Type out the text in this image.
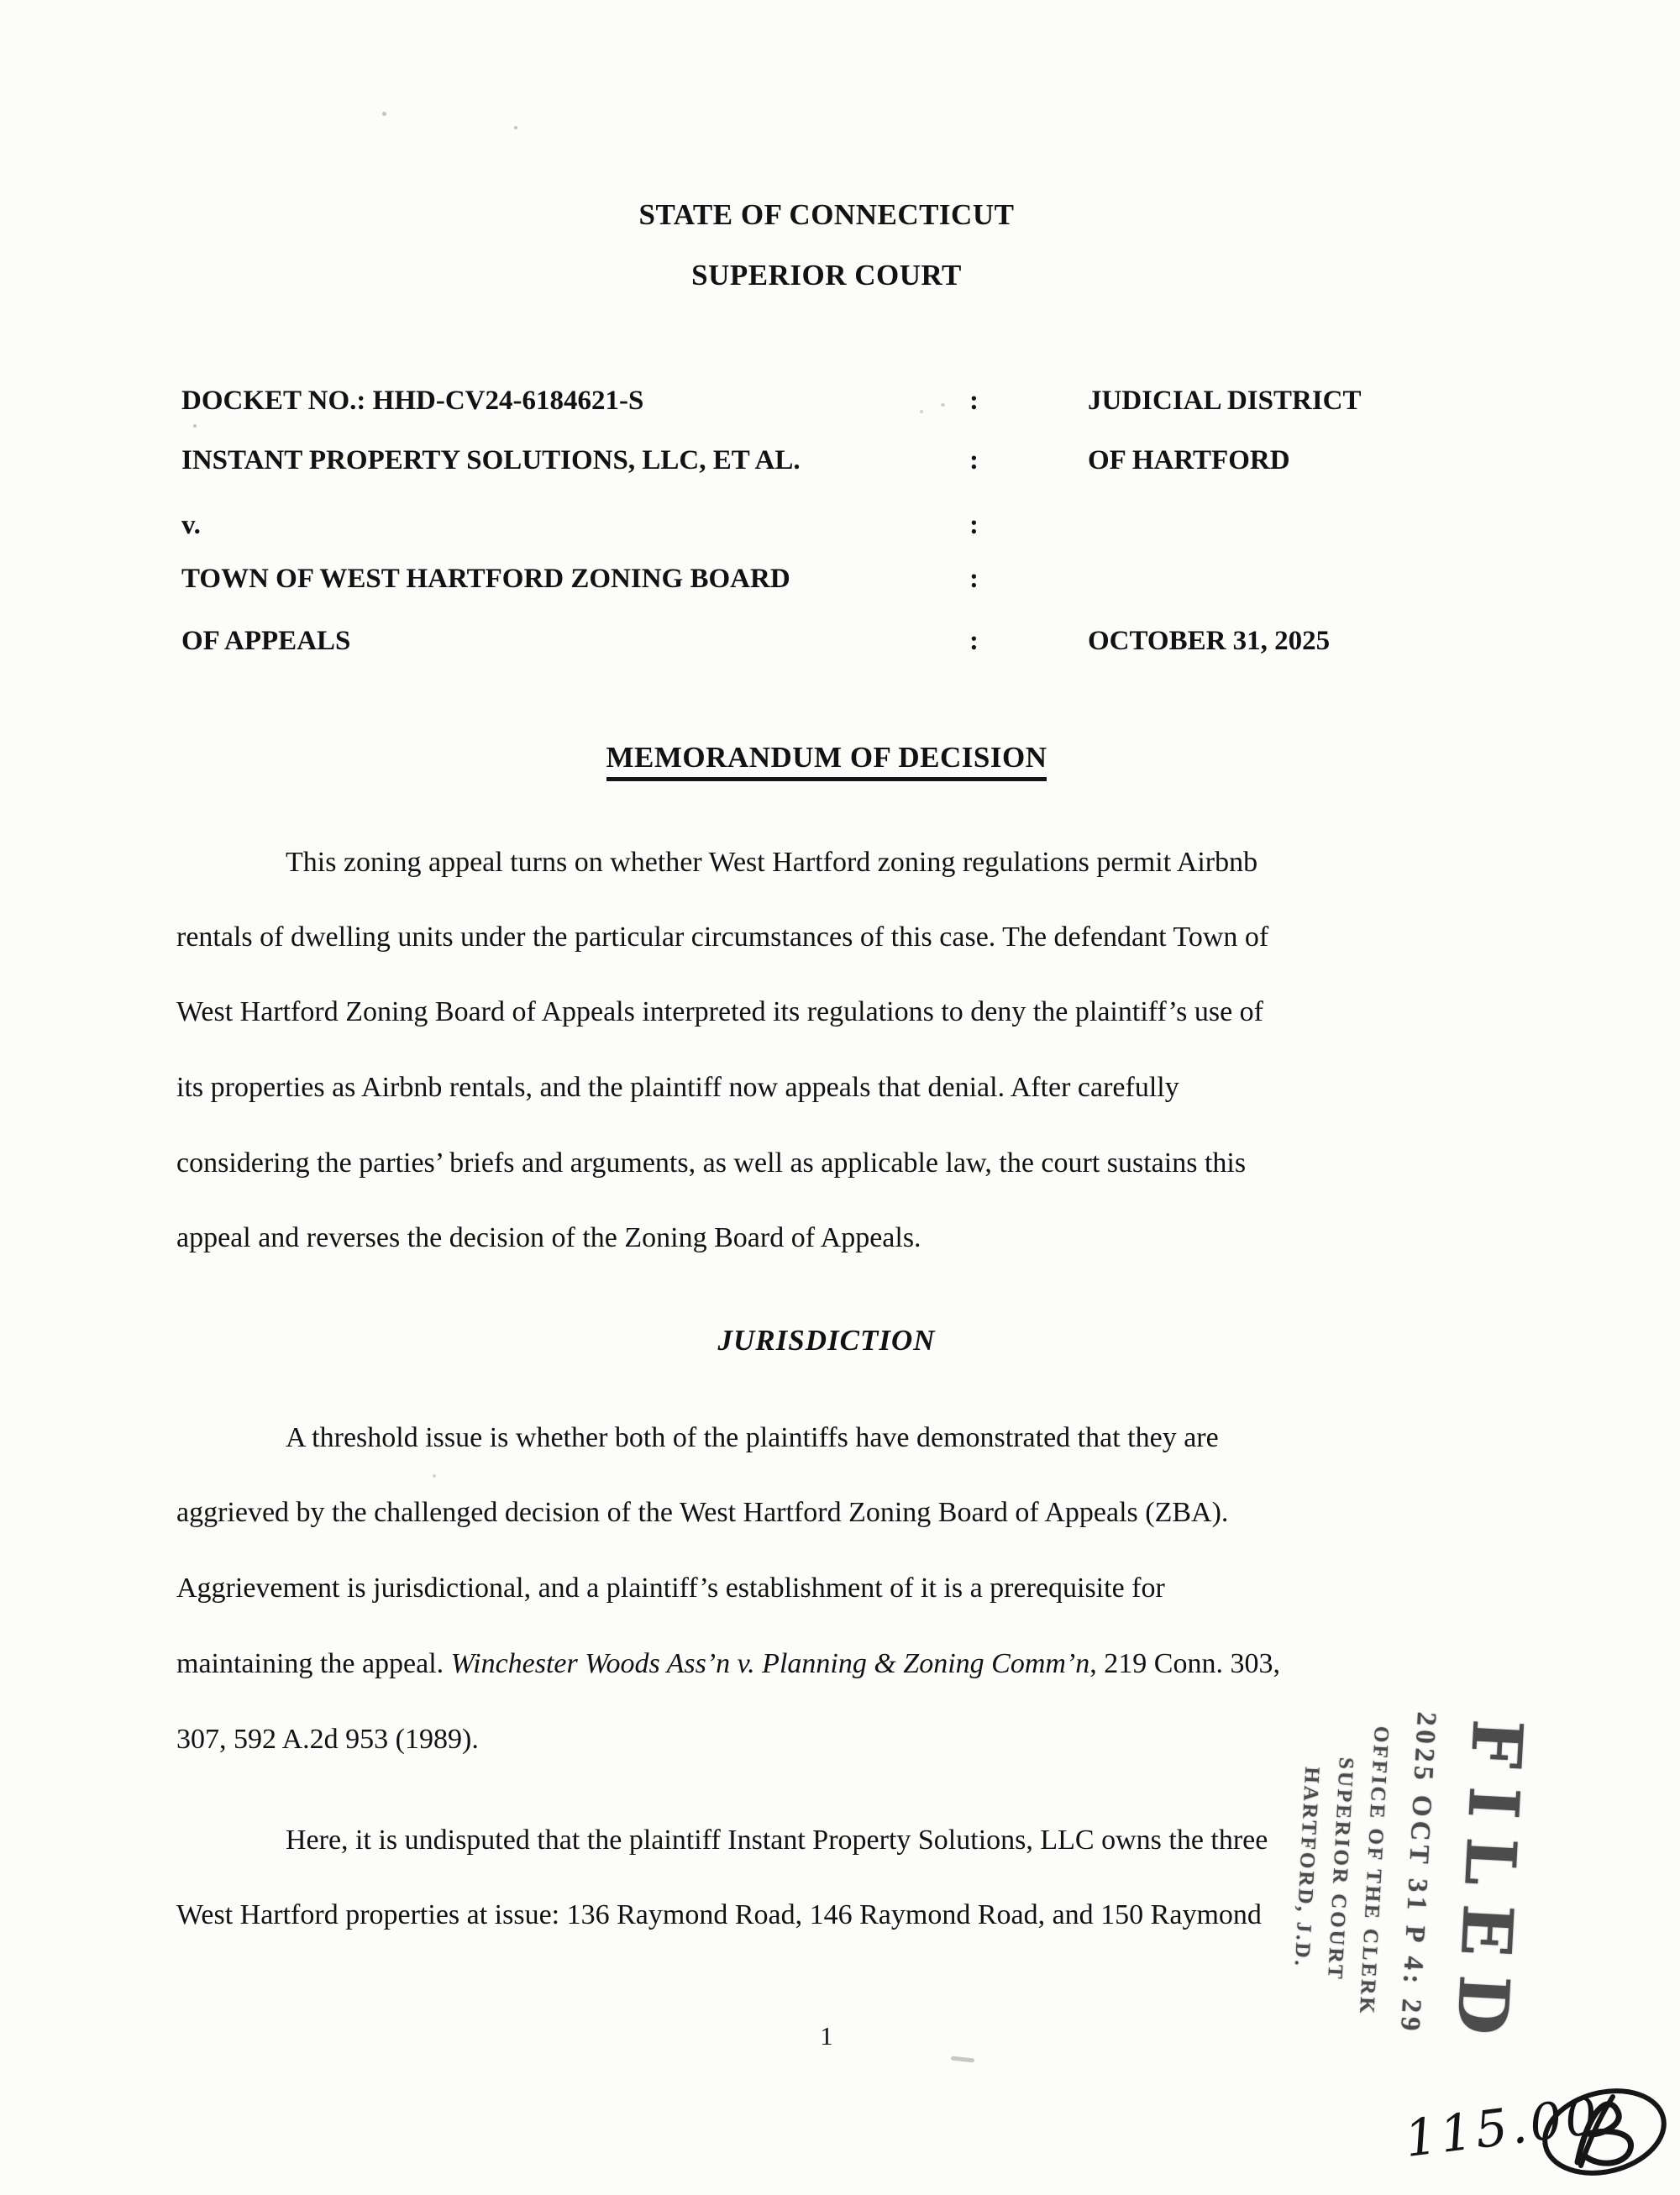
STATE OF CONNECTICUT
SUPERIOR COURT
DOCKET NO.: HHD-CV24-6184621-S	:	JUDICIAL DISTRICT
INSTANT PROPERTY SOLUTIONS, LLC, ET AL.	:	OF HARTFORD
v.	:
TOWN OF WEST HARTFORD ZONING BOARD	:
OF APPEALS	:	OCTOBER 31, 2025
MEMORANDUM OF DECISION
This zoning appeal turns on whether West Hartford zoning regulations permit Airbnb
rentals of dwelling units under the particular circumstances of this case. The defendant Town of
West Hartford Zoning Board of Appeals interpreted its regulations to deny the plaintiff’s use of
its properties as Airbnb rentals, and the plaintiff now appeals that denial. After carefully
considering the parties’ briefs and arguments, as well as applicable law, the court sustains this
appeal and reverses the decision of the Zoning Board of Appeals.
JURISDICTION
A threshold issue is whether both of the plaintiffs have demonstrated that they are
aggrieved by the challenged decision of the West Hartford Zoning Board of Appeals (ZBA).
Aggrievement is jurisdictional, and a plaintiff’s establishment of it is a prerequisite for
maintaining the appeal. Winchester Woods Ass’n v. Planning & Zoning Comm’n, 219 Conn. 303,
307, 592 A.2d 953 (1989).
Here, it is undisputed that the plaintiff Instant Property Solutions, LLC owns the three
West Hartford properties at issue: 136 Raymond Road, 146 Raymond Road, and 150 Raymond	FILED
2025 OCT 31 P 4: 29
OFFICE OF THE CLERK
SUPERIOR COURT
HARTFORD, J.D.
1
115.00
